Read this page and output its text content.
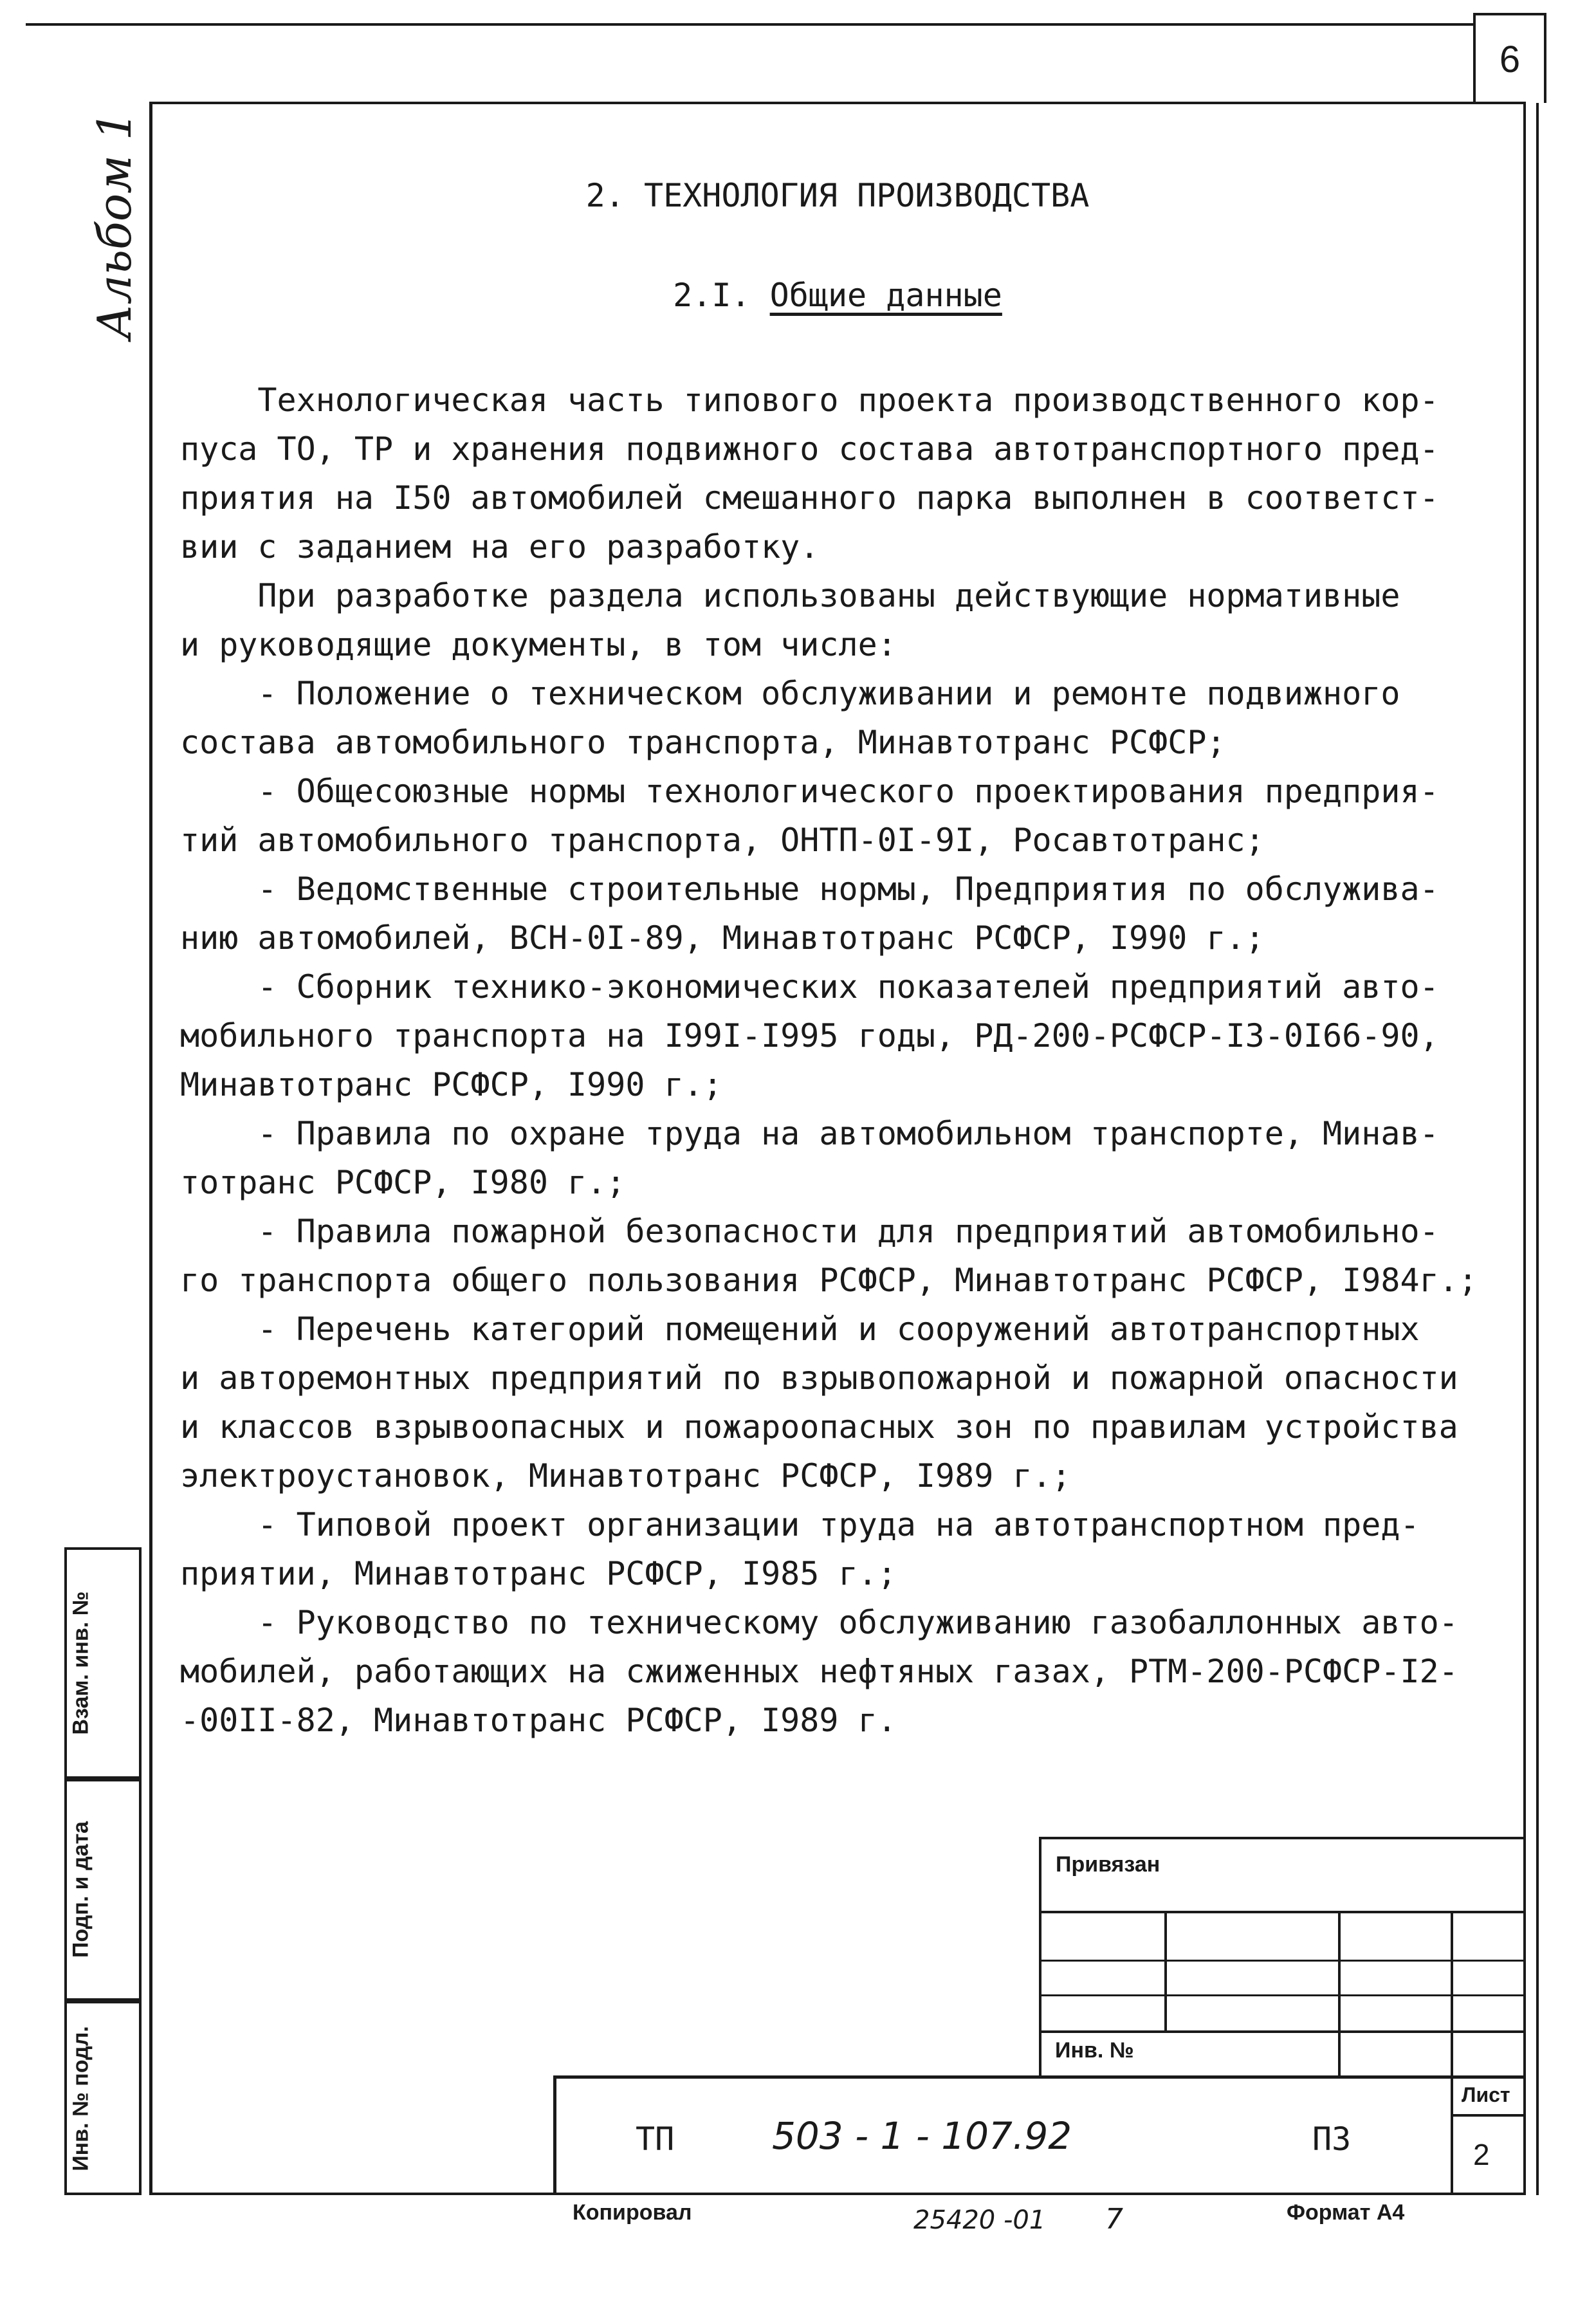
6
Альбом 1	2. ТЕХНОЛОГИЯ ПРОИЗВОДСТВА
2.I. Общие данные

Технологическая часть типового проекта производственного кор-

пуса ТО, ТР и хранения подвижного состава автотранспортного пред-

приятия на I50 автомобилей смешанного парка выполнен в соответст-

вии с заданием на его разработку.

При разработке раздела использованы действующие нормативные

и руководящие документы, в том числе:

- Положение о техническом обслуживании и ремонте подвижного

состава автомобильного транспорта, Минавтотранс РСФСР;

- Общесоюзные нормы технологического проектирования предприя-

тий автомобильного транспорта, ОНТП-0I-9I, Росавтотранс;

- Ведомственные строительные нормы, Предприятия по обслужива-

нию автомобилей, ВСН-0I-89, Минавтотранс РСФСР, I990 г.;

- Сборник технико-экономических показателей предприятий авто-

мобильного транспорта на I99I-I995 годы, РД-200-РСФСР-I3-0I66-90,

Минавтотранс РСФСР, I990 г.;

- Правила по охране труда на автомобильном транспорте, Минав-

тотранс РСФСР, I980 г.;

- Правила пожарной безопасности для предприятий автомобильно-

го транспорта общего пользования РСФСР, Минавтотранс РСФСР, I984г.;

- Перечень категорий помещений и сооружений автотранспортных

и авторемонтных предприятий по взрывопожарной и пожарной опасности

и классов взрывоопасных и пожароопасных зон по правилам устройства

электроустановок, Минавтотранс РСФСР, I989 г.;

- Типовой проект организации труда на автотранспортном пред-

приятии, Минавтотранс РСФСР, I985 г.;

- Руководство по техническому обслуживанию газобаллонных авто-

мобилей, работающих на сжиженных нефтяных газах, РТМ-200-РСФСР-I2-

-00II-82, Минавтотранс РСФСР, I989 г.

Взам. инв. №
Подп. и дата
Инв. № подл.
Привязан
Инв. №
ТП	503 - 1 - 107.92	ПЗ
Лист
2
Копировал	25420 -01 7	Формат А4
